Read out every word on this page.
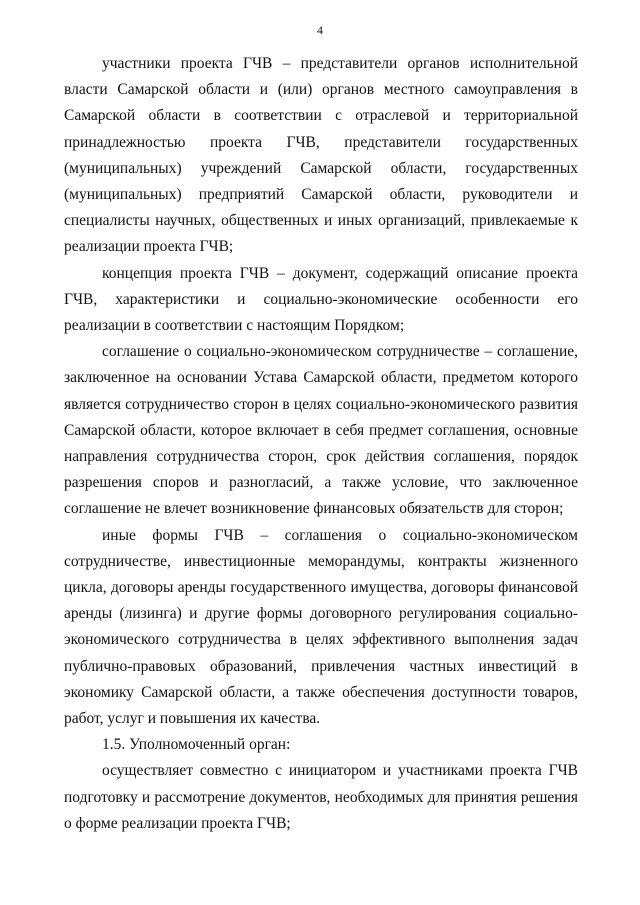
4

участники проекта ГЧВ – представители органов исполнительной власти Самарской области и (или) органов местного самоуправления в Самарской области в соответствии с отраслевой и территориальной принадлежностью проекта ГЧВ, представители государственных (муниципальных) учреждений Самарской области, государственных (муниципальных) предприятий Самарской области, руководители и специалисты научных, общественных и иных организаций, привлекаемые к реализации проекта ГЧВ;

концепция проекта ГЧВ – документ, содержащий описание проекта ГЧВ, характеристики и социально-экономические особенности его реализации в соответствии с настоящим Порядком;

соглашение о социально-экономическом сотрудничестве – соглашение, заключенное на основании Устава Самарской области, предметом которого является сотрудничество сторон в целях социально-экономического развития Самарской области, которое включает в себя предмет соглашения, основные направления сотрудничества сторон, срок действия соглашения, порядок разрешения споров и разногласий, а также условие, что заключенное соглашение не влечет возникновение финансовых обязательств для сторон;

иные формы ГЧВ – соглашения о социально-экономическом сотрудничестве, инвестиционные меморандумы, контракты жизненного цикла, договоры аренды государственного имущества, договоры финансовой аренды (лизинга) и другие формы договорного регулирования социально-экономического сотрудничества в целях эффективного выполнения задач публично-правовых образований, привлечения частных инвестиций в экономику Самарской области, а также обеспечения доступности товаров, работ, услуг и повышения их качества.

1.5. Уполномоченный орган:

осуществляет совместно с инициатором и участниками проекта ГЧВ подготовку и рассмотрение документов, необходимых для принятия решения о форме реализации проекта ГЧВ;
